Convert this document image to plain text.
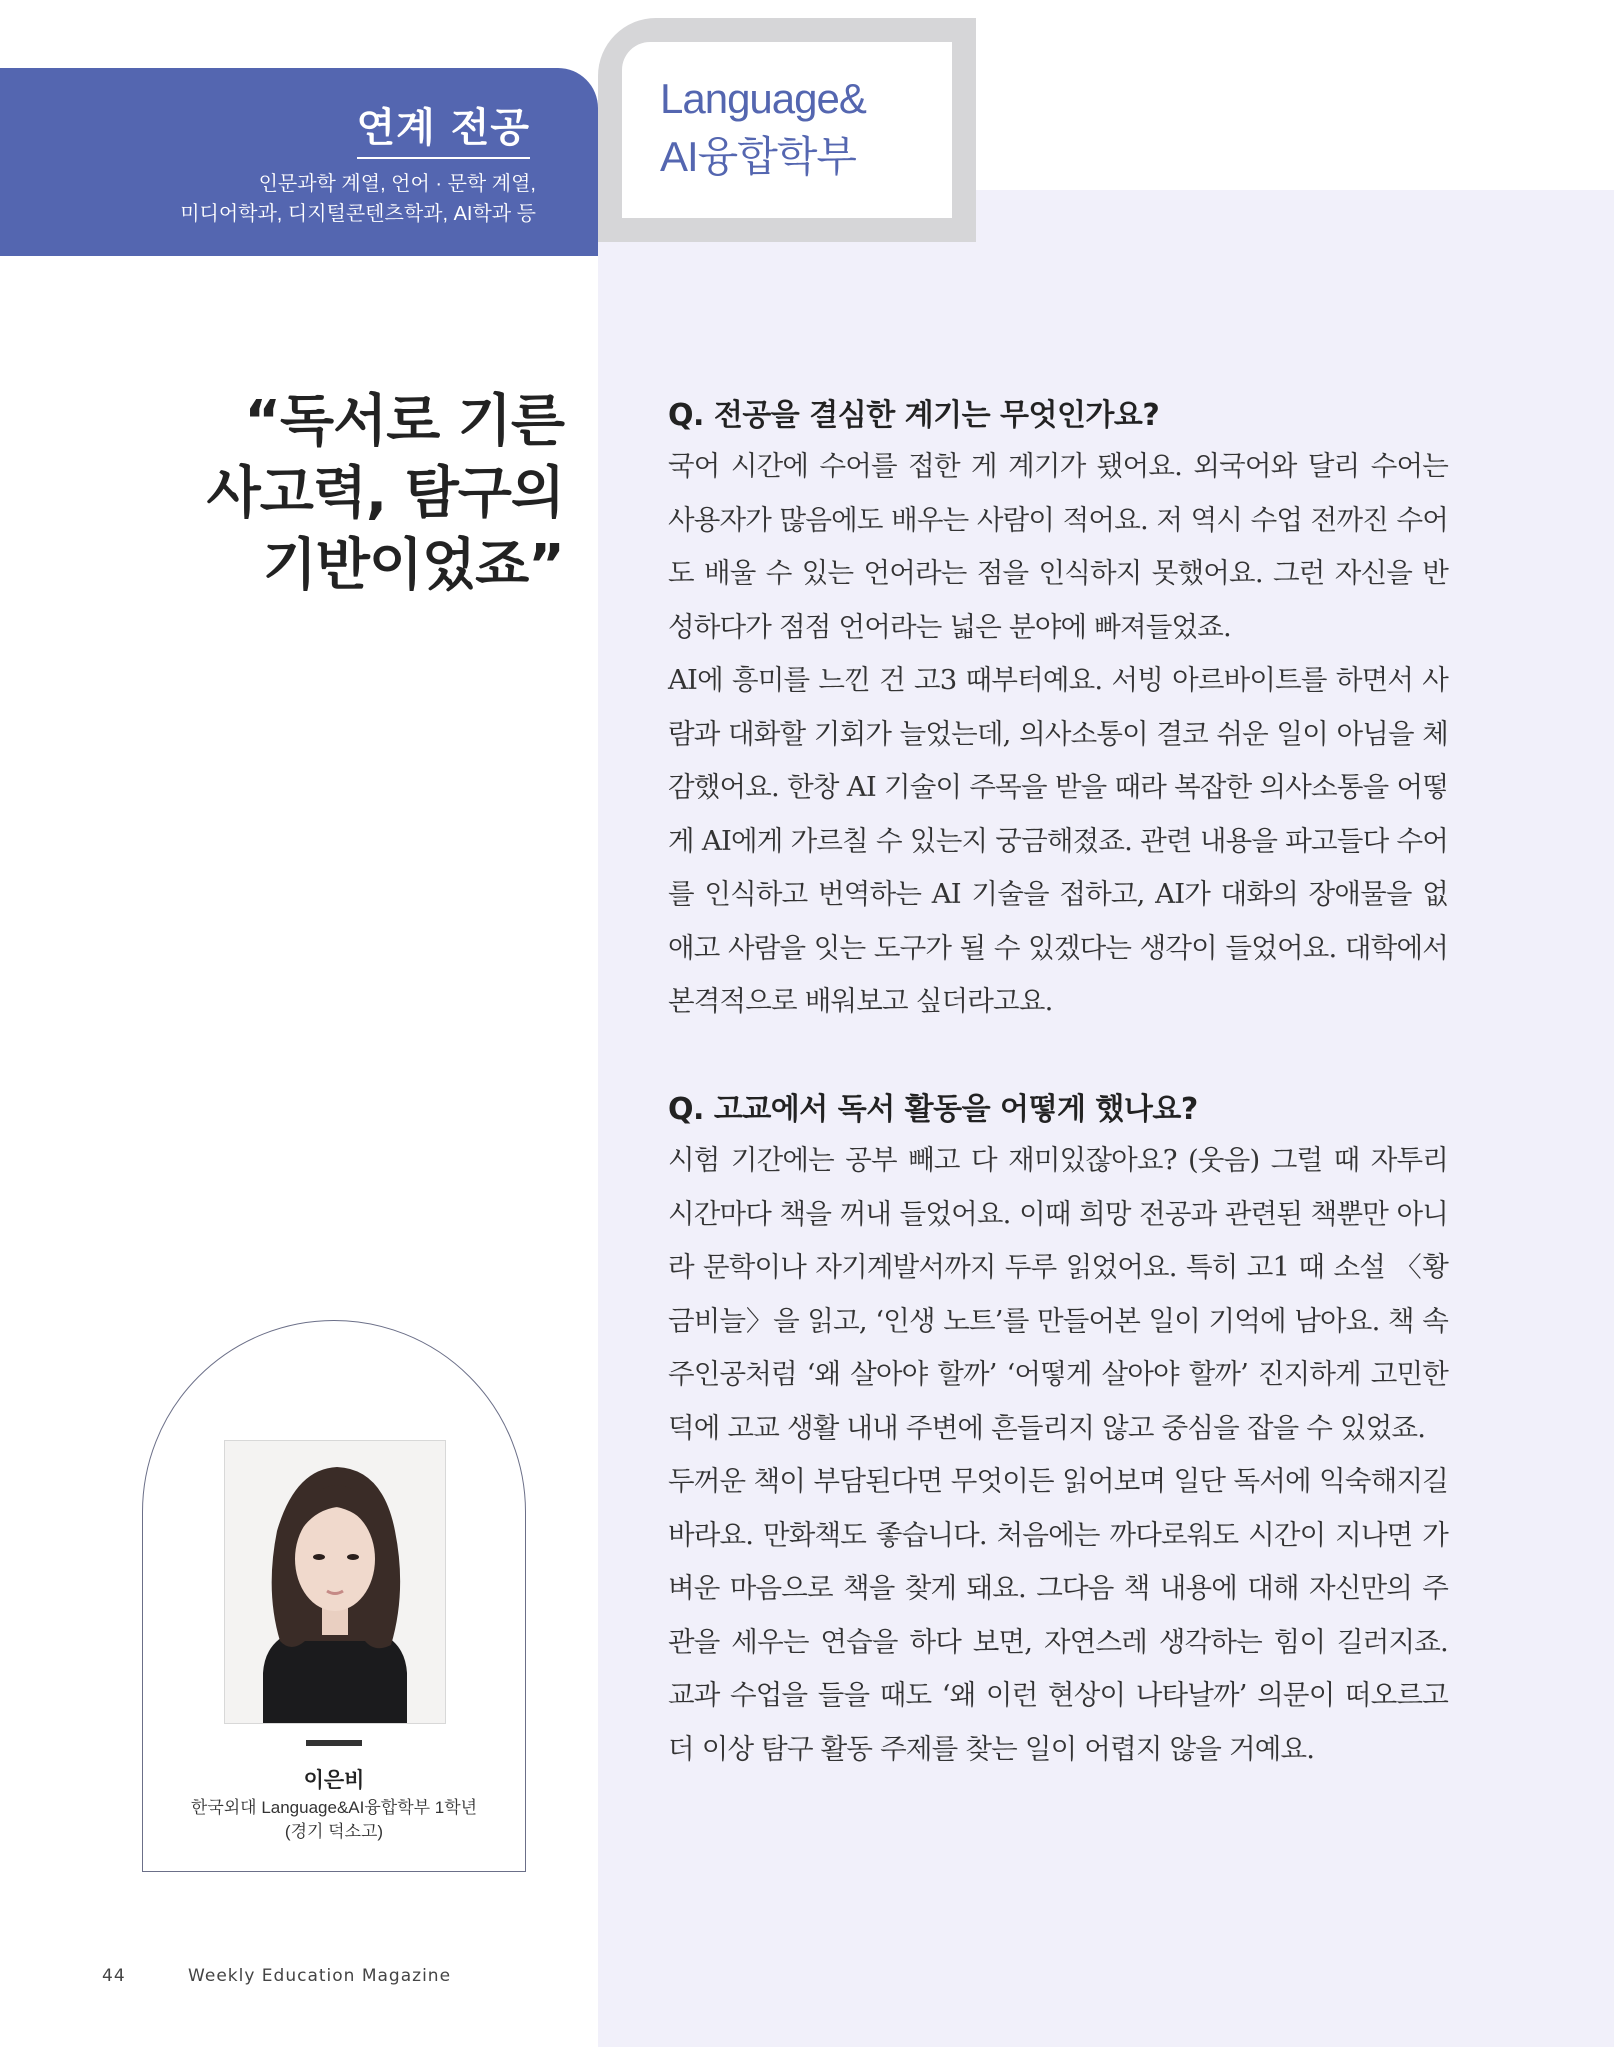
Language&
AI융합학부
연계 전공
인문과학 계열, 언어 · 문학 계열,
미디어학과, 디지털콘텐츠학과, AI학과 등
“독서로 기른
사고력, 탐구의
기반이었죠”
이은비
한국외대 Language&AI융합학부 1학년
(경기 덕소고)
Q. 전공을 결심한 계기는 무엇인가요?

국어 시간에 수어를 접한 게 계기가 됐어요. 외국어와 달리 수어는 사용자가 많음에도 배우는 사람이 적어요. 저 역시 수업 전까진 수어도 배울 수 있는 언어라는 점을 인식하지 못했어요. 그런 자신을 반성하다가 점점 언어라는 넓은 분야에 빠져들었죠.

AI에 흥미를 느낀 건 고3 때부터예요. 서빙 아르바이트를 하면서 사람과 대화할 기회가 늘었는데, 의사소통이 결코 쉬운 일이 아님을 체감했어요. 한창 AI 기술이 주목을 받을 때라 복잡한 의사소통을 어떻게 AI에게 가르칠 수 있는지 궁금해졌죠. 관련 내용을 파고들다 수어를 인식하고 번역하는 AI 기술을 접하고, AI가 대화의 장애물을 없애고 사람을 잇는 도구가 될 수 있겠다는 생각이 들었어요. 대학에서 본격적으로 배워보고 싶더라고요.

Q. 고교에서 독서 활동을 어떻게 했나요?

시험 기간에는 공부 빼고 다 재미있잖아요? (웃음) 그럴 때 자투리 시간마다 책을 꺼내 들었어요. 이때 희망 전공과 관련된 책뿐만 아니라 문학이나 자기계발서까지 두루 읽었어요. 특히 고1 때 소설 〈황금비늘〉을 읽고, ‘인생 노트’를 만들어본 일이 기억에 남아요. 책 속 주인공처럼 ‘왜 살아야 할까’ ‘어떻게 살아야 할까’ 진지하게 고민한 덕에 고교 생활 내내 주변에 흔들리지 않고 중심을 잡을 수 있었죠.

두꺼운 책이 부담된다면 무엇이든 읽어보며 일단 독서에 익숙해지길 바라요. 만화책도 좋습니다. 처음에는 까다로워도 시간이 지나면 가벼운 마음으로 책을 찾게 돼요. 그다음 책 내용에 대해 자신만의 주관을 세우는 연습을 하다 보면, 자연스레 생각하는 힘이 길러지죠. 교과 수업을 들을 때도 ‘왜 이런 현상이 나타날까’ 의문이 떠오르고 더 이상 탐구 활동 주제를 찾는 일이 어렵지 않을 거예요.

44	Weekly Education Magazine
